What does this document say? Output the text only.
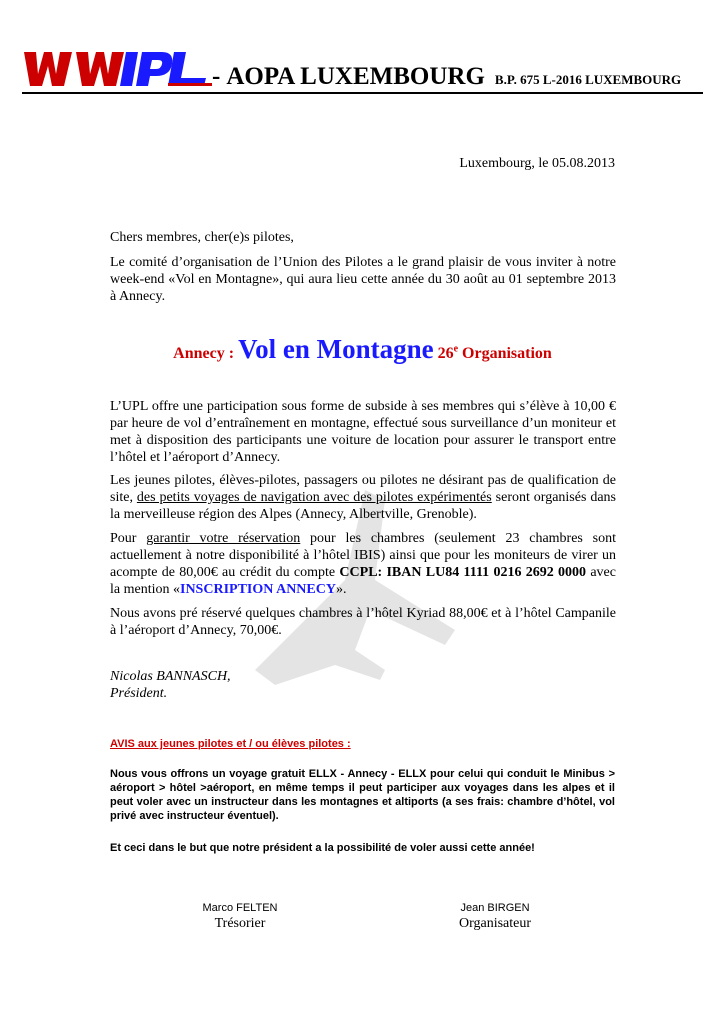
- AOPA LUXEMBOURG B.P. 675 L-2016 LUXEMBOURG
Luxembourg, le 05.08.2013
Chers membres, cher(e)s pilotes,
Le comité d’organisation de l’Union des Pilotes a le grand plaisir de vous inviter à notre week-end «Vol en Montagne», qui aura lieu cette année du 30 août au 01 septembre 2013 à Annecy.
Annecy : Vol en Montagne 26e Organisation
L’UPL offre une participation sous forme de subside à ses membres qui s’élève à 10,00 € par heure de vol d’entraînement en montagne, effectué sous surveillance d’un moniteur et met à disposition des participants une voiture de location pour assurer le transport entre l’hôtel et l’aéroport d’Annecy.
Les jeunes pilotes, élèves-pilotes, passagers ou pilotes ne désirant pas de qualification de site, des petits voyages de navigation avec des pilotes expérimentés seront organisés dans la merveilleuse région des Alpes (Annecy, Albertville, Grenoble).
Pour garantir votre réservation pour les chambres (seulement 23 chambres sont actuellement à notre disponibilité à l’hôtel IBIS) ainsi que pour les moniteurs de virer un acompte de 80,00€ au crédit du compte CCPL: IBAN LU84 1111 0216 2692 0000 avec la mention «INSCRIPTION ANNECY».
Nous avons pré réservé quelques chambres à l’hôtel Kyriad 88,00€ et à l’hôtel Campanile à l’aéroport d’Annecy, 70,00€.
Nicolas BANNASCH,
Président.
AVIS aux jeunes pilotes et / ou élèves pilotes :
Nous vous offrons un voyage gratuit ELLX - Annecy - ELLX pour celui qui conduit le Minibus > aéroport > hôtel >aéroport, en même temps il peut participer aux voyages dans les alpes et il peut voler avec un instructeur dans les montagnes et altiports (a ses frais: chambre d’hôtel, vol privé avec instructeur éventuel).
Et ceci dans le but que notre président a la possibilité de voler aussi cette année!
Marco FELTEN
Trésorier
Jean BIRGEN
Organisateur
